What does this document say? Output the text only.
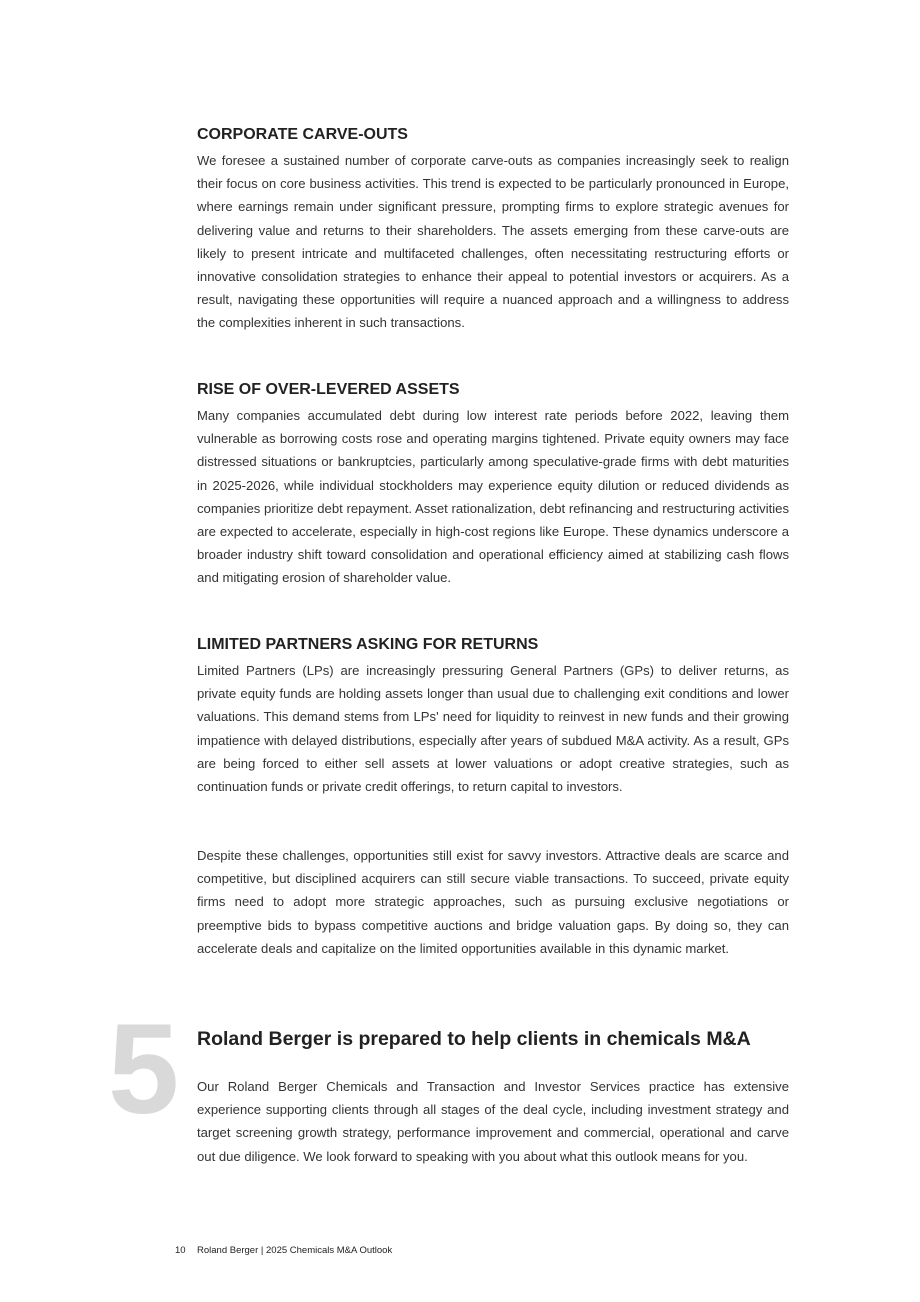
CORPORATE CARVE-OUTS

We foresee a sustained number of corporate carve-outs as companies increasingly seek to realign their focus on core business activities. This trend is expected to be particularly pronounced in Europe, where earnings remain under significant pressure, prompting firms to explore strategic avenues for delivering value and returns to their shareholders. The assets emerging from these carve-outs are likely to present intricate and multifaceted challenges, often necessitating restructuring efforts or innovative consolidation strategies to enhance their appeal to potential investors or acquirers. As a result, navigating these opportunities will require a nuanced approach and a willingness to address the complexities inherent in such transactions.

RISE OF OVER-LEVERED ASSETS

Many companies accumulated debt during low interest rate periods before 2022, leaving them vulnerable as borrowing costs rose and operating margins tightened. Private equity owners may face distressed situations or bankruptcies, particularly among speculative-grade firms with debt maturities in 2025-2026, while individual stockholders may experience equity dilution or reduced dividends as companies prioritize debt repayment. Asset rationalization, debt refinancing and restructuring activities are expected to accelerate, especially in high-cost regions like Europe. These dynamics underscore a broader industry shift toward consolidation and operational efficiency aimed at stabilizing cash flows and mitigating erosion of shareholder value.

LIMITED PARTNERS ASKING FOR RETURNS

Limited Partners (LPs) are increasingly pressuring General Partners (GPs) to deliver returns, as private equity funds are holding assets longer than usual due to challenging exit conditions and lower valuations. This demand stems from LPs' need for liquidity to reinvest in new funds and their growing impatience with delayed distributions, especially after years of subdued M&A activity. As a result, GPs are being forced to either sell assets at lower valuations or adopt creative strategies, such as continuation funds or private credit offerings, to return capital to investors.

Despite these challenges, opportunities still exist for savvy investors. Attractive deals are scarce and competitive, but disciplined acquirers can still secure viable transactions. To succeed, private equity firms need to adopt more strategic approaches, such as pursuing exclusive negotiations or preemptive bids to bypass competitive auctions and bridge valuation gaps. By doing so, they can accelerate deals and capitalize on the limited opportunities available in this dynamic market.

5 Roland Berger is prepared to help clients in chemicals M&A

Our Roland Berger Chemicals and Transaction and Investor Services practice has extensive experience supporting clients through all stages of the deal cycle, including investment strategy and target screening growth strategy, performance improvement and commercial, operational and carve out due diligence. We look forward to speaking with you about what this outlook means for you.

10 Roland Berger | 2025 Chemicals M&A Outlook
